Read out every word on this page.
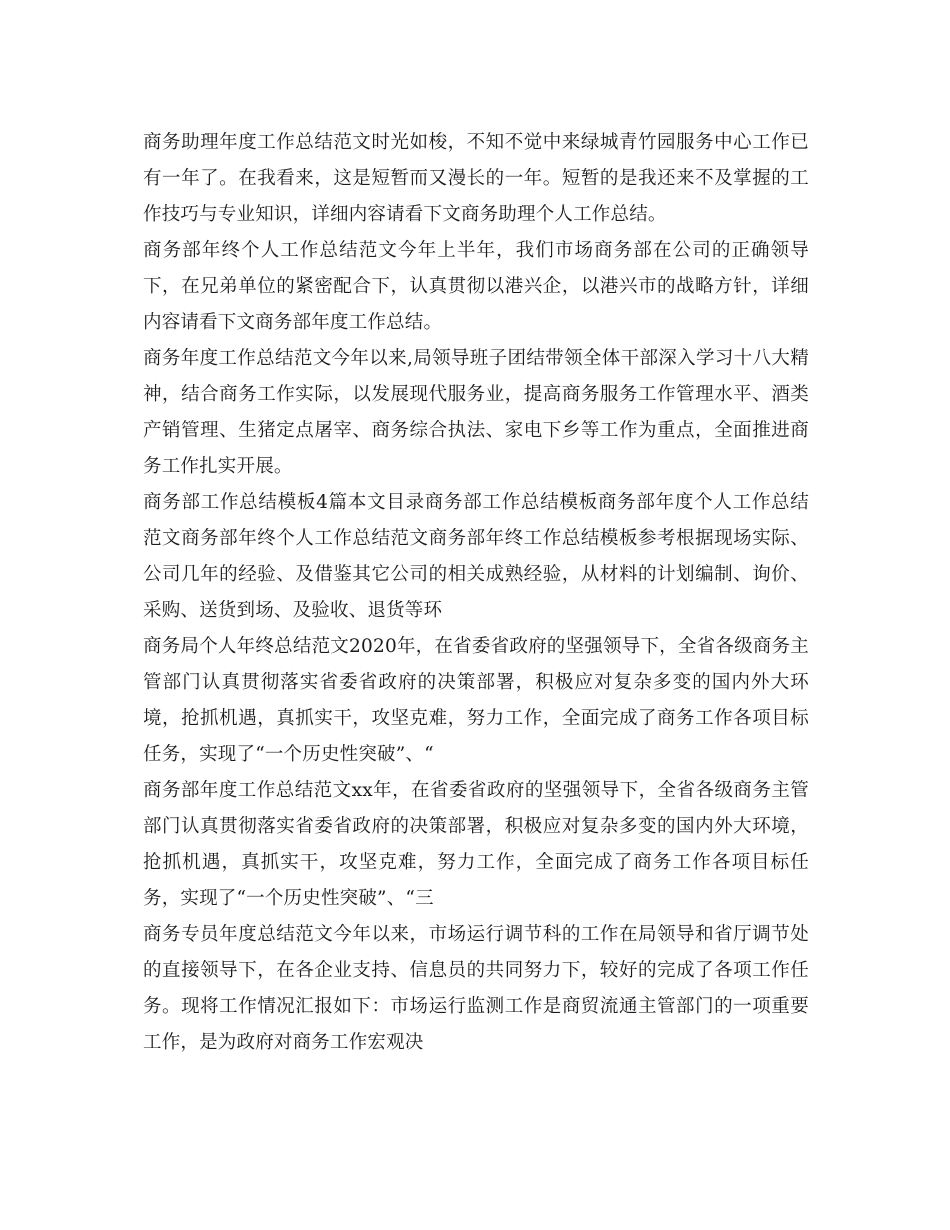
商务助理年度工作总结范文时光如梭，不知不觉中来绿城青竹园服务中心工作已有一年了。在我看来，这是短暂而又漫长的一年。短暂的是我还来不及掌握的工作技巧与专业知识，详细内容请看下文商务助理个人工作总结。

商务部年终个人工作总结范文今年上半年，我们市场商务部在公司的正确领导下，在兄弟单位的紧密配合下，认真贯彻以港兴企，以港兴市的战略方针，详细内容请看下文商务部年度工作总结。

商务年度工作总结范文今年以来,局领导班子团结带领全体干部深入学习十八大精神，结合商务工作实际，以发展现代服务业，提高商务服务工作管理水平、酒类产销管理、生猪定点屠宰、商务综合执法、家电下乡等工作为重点，全面推进商务工作扎实开展。

商务部工作总结模板4篇本文目录商务部工作总结模板商务部年度个人工作总结范文商务部年终个人工作总结范文商务部年终工作总结模板参考根据现场实际、公司几年的经验、及借鉴其它公司的相关成熟经验，从材料的计划编制、询价、采购、送货到场、及验收、退货等环

商务局个人年终总结范文2020年，在省委省政府的坚强领导下，全省各级商务主管部门认真贯彻落实省委省政府的决策部署，积极应对复杂多变的国内外大环境，抢抓机遇，真抓实干，攻坚克难，努力工作，全面完成了商务工作各项目标任务，实现了“一个历史性突破”、“

商务部年度工作总结范文xx年，在省委省政府的坚强领导下，全省各级商务主管部门认真贯彻落实省委省政府的决策部署，积极应对复杂多变的国内外大环境，抢抓机遇，真抓实干，攻坚克难，努力工作，全面完成了商务工作各项目标任务，实现了“一个历史性突破”、“三

商务专员年度总结范文今年以来，市场运行调节科的工作在局领导和省厅调节处的直接领导下，在各企业支持、信息员的共同努力下，较好的完成了各项工作任务。现将工作情况汇报如下：市场运行监测工作是商贸流通主管部门的一项重要工作，是为政府对商务工作宏观决
